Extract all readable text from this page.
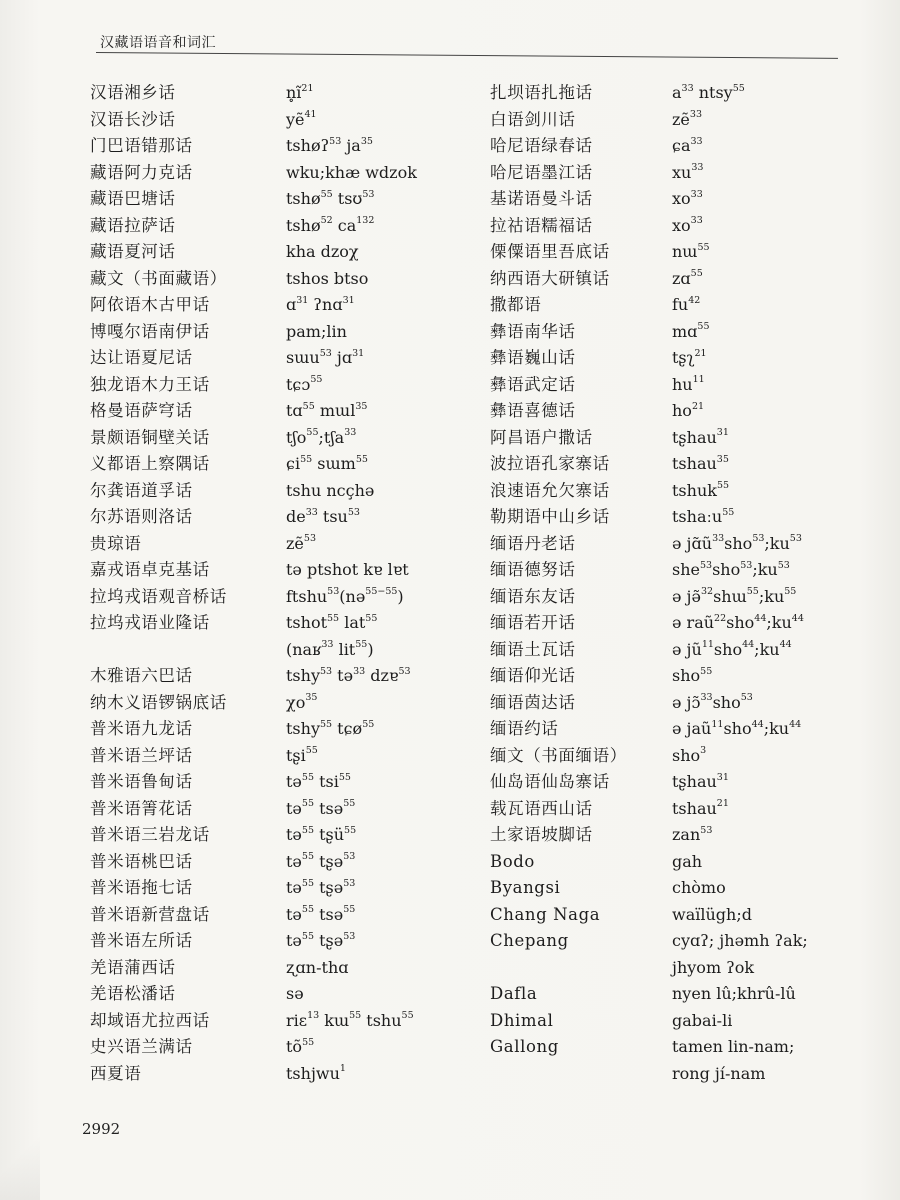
汉藏语语音和词汇
汉语湘乡话	$n̥ĩ^{21}$
汉语长沙话	yẽ$^{41}$
门巴语错那话	tshøʔ$^{53}$ $ja^{35}$
藏语阿力克话	wku;khæ wdzok
藏语巴塘话	tshø$^{55}$ tsʊ$^{53}$
藏语拉萨话	tshø$^{52}$ $ca^{132}$
藏语夏河话	kha dzoχ
藏文（书面藏语）	tshos btso
阿依语木古甲话	ɑ$^{31}$ ʔnɑ$^{31}$
博嘎尔语南伊话	pam;lin
达让语夏尼话	sɯu$^{53}$ jɑ$^{31}$
独龙语木力王话	tɕɔ$^{55}$
格曼语萨穹话	tɑ$^{55}$ mɯl$^{35}$
景颇语铜壁关话	tʃo$^{55}$;tʃa$^{33}$
义都语上察隅话	ɕi$^{55}$ sɯm$^{55}$
尔龚语道孚话	tshu ncçhə
尔苏语则洛话	$de^{33}$ tsu$^{53}$
贵琼语	zẽ$^{53}$
嘉戎语卓克基话	tə ptshot kɐ lɐt
拉坞戎语观音桥话	ftshu$^{53}$(nə$^{55-55}$)
拉坞戎语业隆话	tshot$^{55}$ lat$^{55}$
(naʁ$^{33}$ lit$^{55}$)
木雅语六巴话	tshy$^{53}$ tə$^{33}$ dzɐ$^{53}$
纳木义语锣锅底话	$\chi o^{35}$
普米语九龙话	tshy$^{55}$ tɕø$^{55}$
普米语兰坪话	tʂi$^{55}$
普米语鲁甸话	tə$^{55}$ tsi$^{55}$
普米语箐花话	tə$^{55}$ tsə$^{55}$
普米语三岩龙话	tə$^{55}$ tʂü$^{55}$
普米语桃巴话	tə$^{55}$ tʂə$^{53}$
普米语拖七话	tə$^{55}$ tʂə$^{53}$
普米语新营盘话	tə$^{55}$ tsə$^{55}$
普米语左所话	tə$^{55}$ tʂə$^{53}$
羌语蒲西话	ʐɑn-thɑ
羌语松潘话	sə
却域语尤拉西话	riɛ$^{13}$ kɯ$^{55}$ tshu$^{55}$
史兴语兰满话	$tõ^{55}$
西夏语	tshjwu$^1$
扎坝语扎拖话	$a^{33}$ ntsy$^{55}$
白语剑川话	zẽ$^{33}$
哈尼语绿春话	ɕa$^{33}$
哈尼语墨江话	$xu^{33}$
基诺语曼斗话	$xo^{33}$
拉祜语糯福话	$xo^{33}$
傈僳语里吾底话	nɯ$^{55}$
纳西语大研镇话	zɑ$^{55}$
撒都语	$fu^{42}$
彝语南华话	mɑ$^{55}$
彝语巍山话	tʂʅ$^{21}$
彝语武定话	$hu^{11}$
彝语喜德话	$ho^{21}$
阿昌语户撒话	tʂhau$^{31}$
波拉语孔家寨话	tshau$^{35}$
浪速语允欠寨话	tshuk$^{55}$
勒期语中山乡话	tshaːu$^{55}$
缅语丹老话	ə $jɑ̃ũ^{33}sho^{53};ku^{53}$
缅语德努话	$she^{53}sho^{53};ku^{53}$
缅语东友话	ə $jə̃^{32}shɯ^{55};ku^{55}$
缅语若开话	ə $raũ^{22}sho^{44};ku^{44}$
缅语土瓦话	ə $jũ^{11}sho^{44};ku^{44}$
缅语仰光话	sho$^{55}$
缅语茵达话	ə jɔ̃$^{33}$sho$^{53}$
缅语约话	ə $jaũ^{11}sho^{44};ku^{44}$
缅文（书面缅语）	sho$^3$
仙岛语仙岛寨话	tʂhau$^{31}$
载瓦语西山话	tshau$^{21}$
土家语坡脚话	zan$^{53}$
Bodo	gah
Byangsi	chòmo
Chang Naga	waïlügh;d
Chepang	cyɑʔ; jhəmh ʔak;
jhyom ʔok
Dafla	nyen lû;khrû-lû
Dhimal	gabai-li
Gallong	tamen lin-nam;
rong jí-nam
2992
